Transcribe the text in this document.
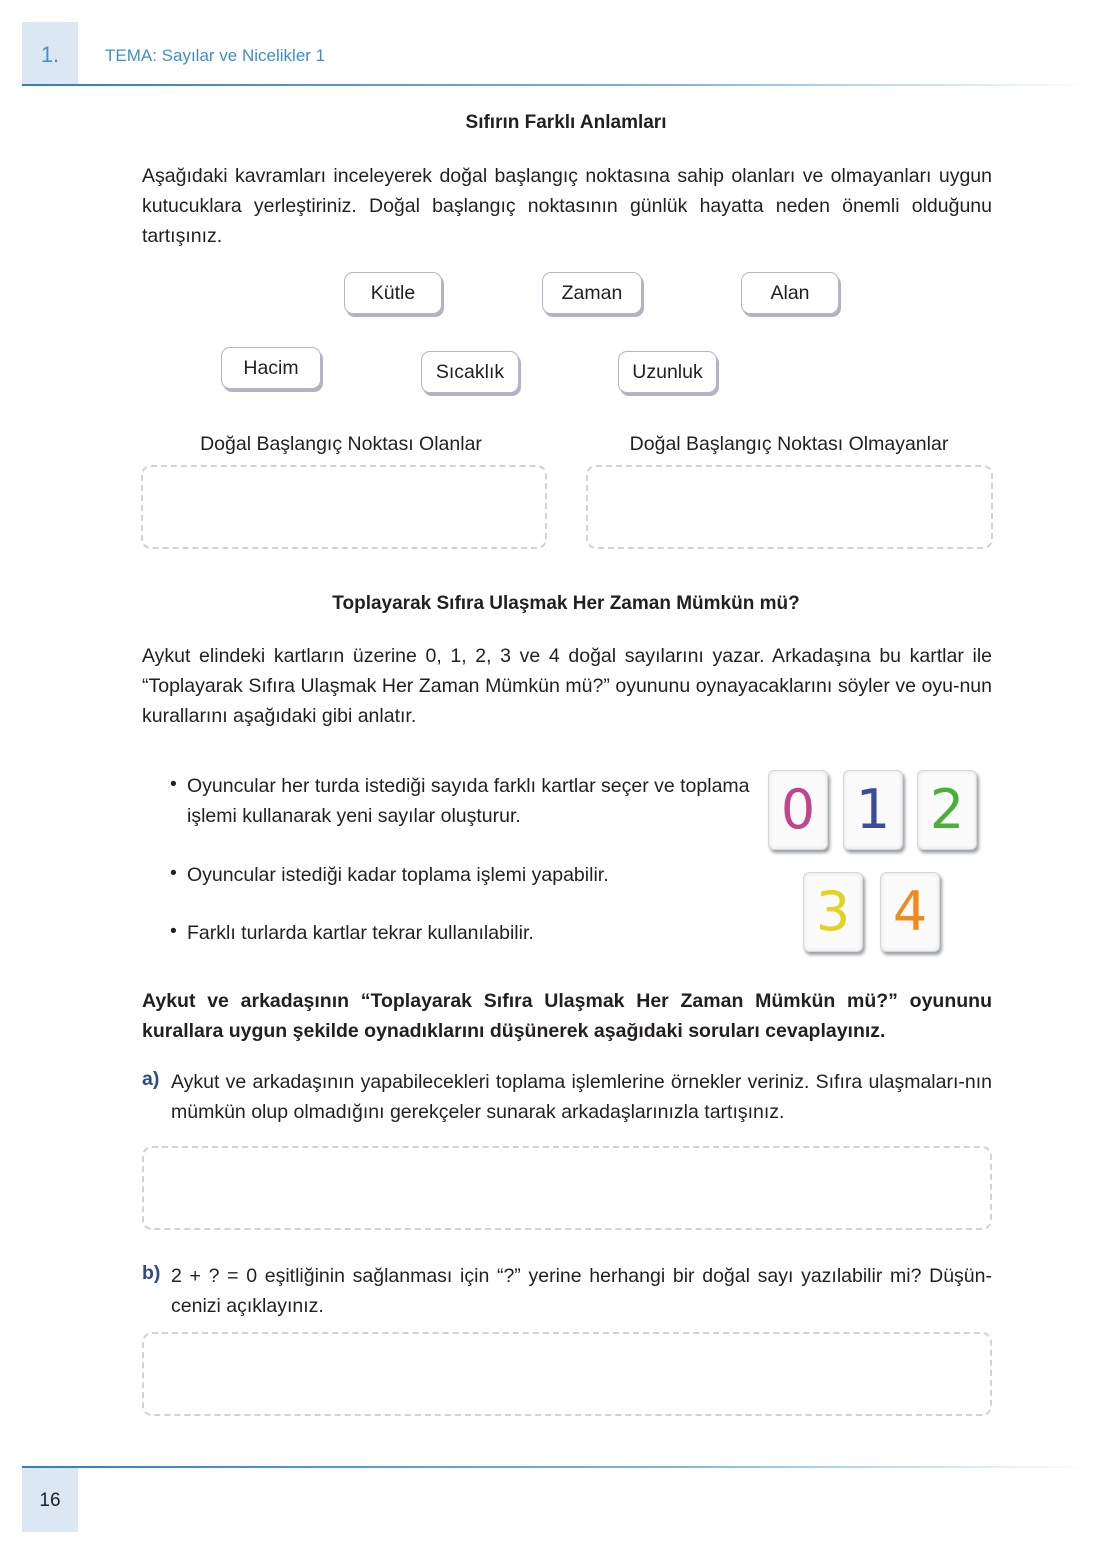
1.	TEMA: Sayılar ve Nicelikler 1
Sıfırın Farklı Anlamları
Aşağıdaki kavramları inceleyerek doğal başlangıç noktasına sahip olanları ve olmayanları uygun kutucuklara yerleştiriniz. Doğal başlangıç noktasının günlük hayatta neden önemli olduğunu tartışınız.
Kütle	Zaman	Alan
Hacim	Sıcaklık	Uzunluk
Doğal Başlangıç Noktası Olanlar	Doğal Başlangıç Noktası Olmayanlar
Toplayarak Sıfıra Ulaşmak Her Zaman Mümkün mü?
Aykut elindeki kartların üzerine 0, 1, 2, 3 ve 4 doğal sayılarını yazar. Arkadaşına bu kartlar ile “Toplayarak Sıfıra Ulaşmak Her Zaman Mümkün mü?” oyununu oynayacaklarını söyler ve oyu-nun kurallarını aşağıdaki gibi anlatır.
• Oyuncular her turda istediği sayıda farklı kartlar seçer ve toplama işlemi kullanarak yeni sayılar oluşturur.
• Oyuncular istediği kadar toplama işlemi yapabilir.
• Farklı turlarda kartlar tekrar kullanılabilir.
0 1 2
3 4
Aykut ve arkadaşının “Toplayarak Sıfıra Ulaşmak Her Zaman Mümkün mü?” oyununu kurallara uygun şekilde oynadıklarını düşünerek aşağıdaki soruları cevaplayınız.
a) Aykut ve arkadaşının yapabilecekleri toplama işlemlerine örnekler veriniz. Sıfıra ulaşmaları-nın mümkün olup olmadığını gerekçeler sunarak arkadaşlarınızla tartışınız.
b) 2 + ? = 0 eşitliğinin sağlanması için “?” yerine herhangi bir doğal sayı yazılabilir mi? Düşün-cenizi açıklayınız.
16
